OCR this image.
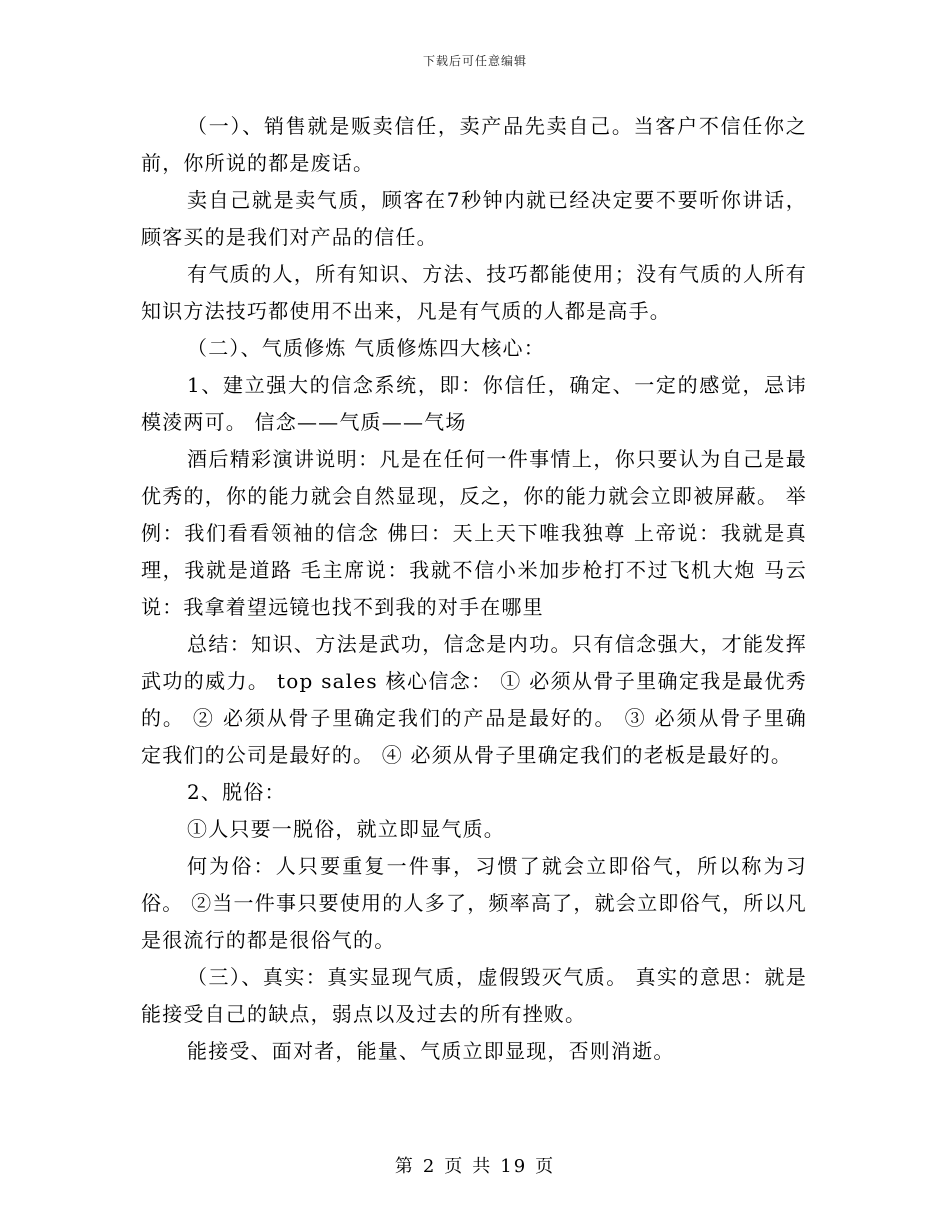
下载后可任意编辑

（一）、销售就是贩卖信任，卖产品先卖自己。当客户不信任你之前，你所说的都是废话。

卖自己就是卖气质，顾客在7秒钟内就已经决定要不要听你讲话，顾客买的是我们对产品的信任。

有气质的人，所有知识、方法、技巧都能使用；没有气质的人所有知识方法技巧都使用不出来，凡是有气质的人都是高手。

（二）、气质修炼 气质修炼四大核心：

1、建立强大的信念系统，即：你信任，确定、一定的感觉，忌讳模淩两可。 信念——气质——气场

酒后精彩演讲说明：凡是在任何一件事情上，你只要认为自己是最优秀的，你的能力就会自然显现，反之，你的能力就会立即被屏蔽。 举例：我们看看领袖的信念 佛曰：天上天下唯我独尊 上帝说：我就是真理，我就是道路 毛主席说：我就不信小米加步枪打不过飞机大炮 马云说：我拿着望远镜也找不到我的对手在哪里

总结：知识、方法是武功，信念是内功。只有信念强大，才能发挥武功的威力。 top sales 核心信念： ① 必须从骨子里确定我是最优秀的。 ② 必须从骨子里确定我们的产品是最好的。 ③ 必须从骨子里确定我们的公司是最好的。 ④ 必须从骨子里确定我们的老板是最好的。

2、脱俗：

①人只要一脱俗，就立即显气质。

何为俗：人只要重复一件事，习惯了就会立即俗气，所以称为习俗。 ②当一件事只要使用的人多了，频率高了，就会立即俗气，所以凡是很流行的都是很俗气的。

（三）、真实：真实显现气质，虚假毁灭气质。 真实的意思：就是能接受自己的缺点，弱点以及过去的所有挫败。

能接受、面对者，能量、气质立即显现，否则消逝。

第 2 页 共 19 页
